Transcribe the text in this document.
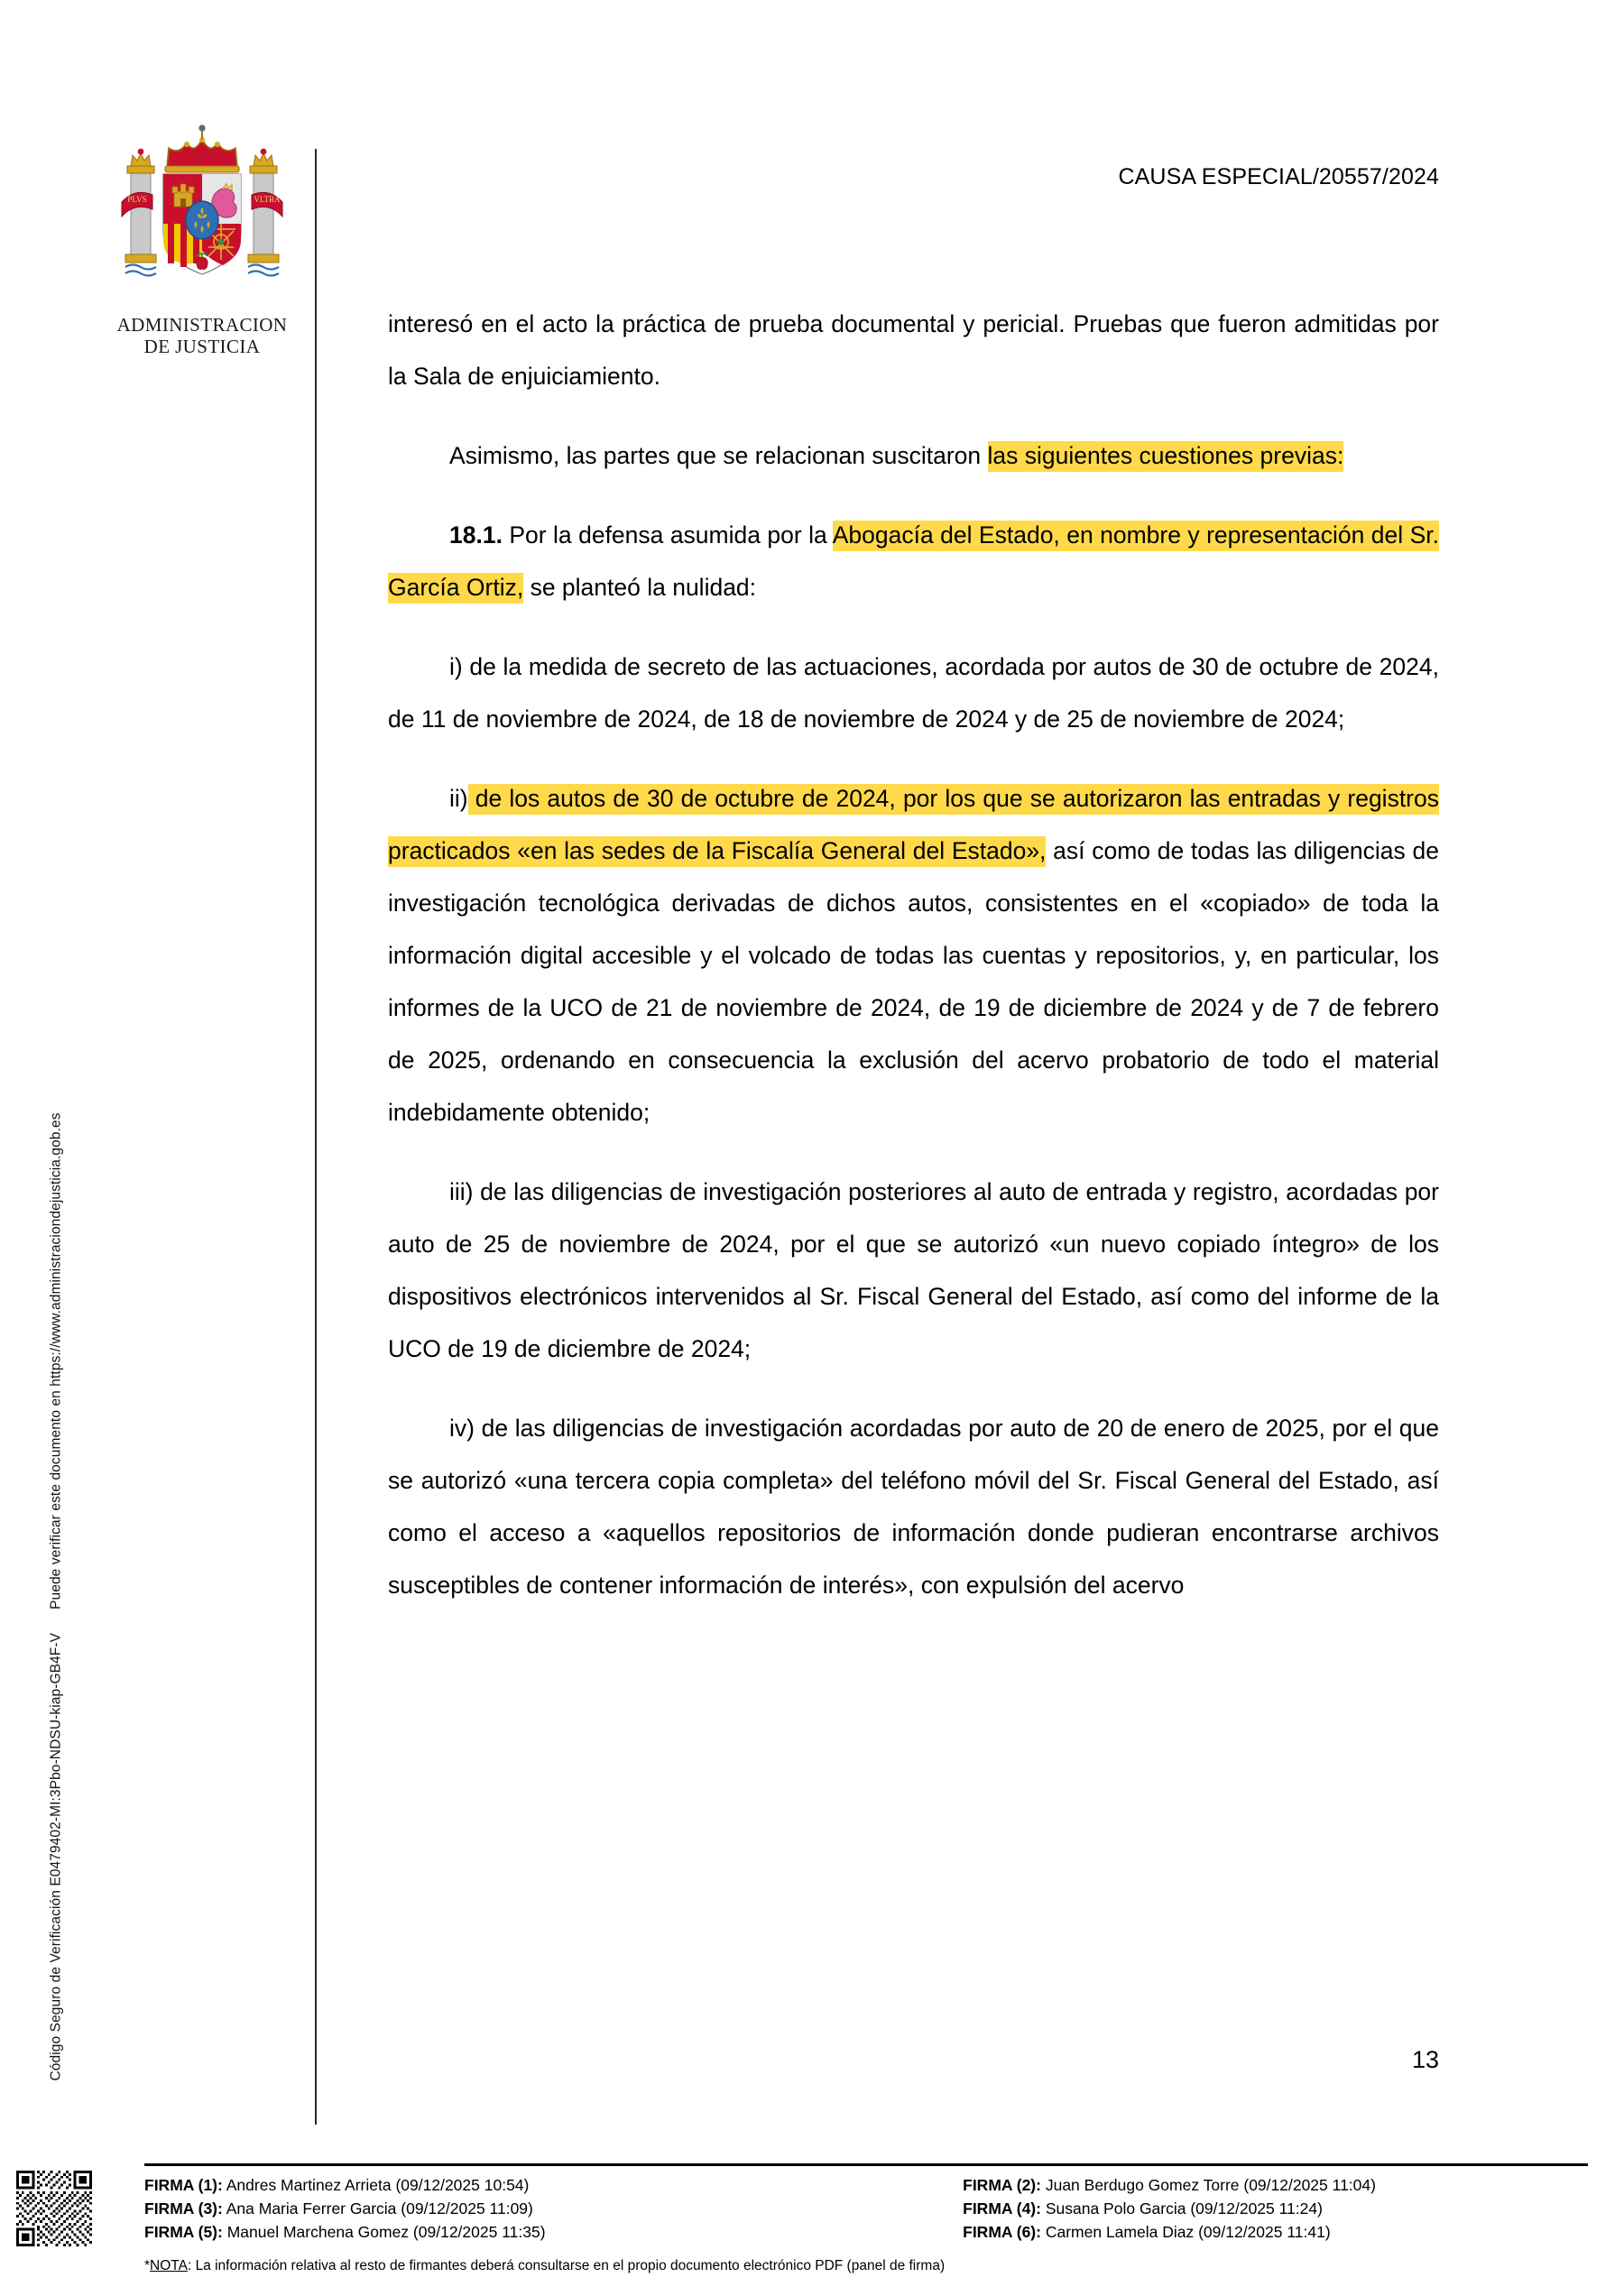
Código Seguro de Verificación E0479402-MI:3Pbo-NDSU-kiap-GB4F-VPuede verificar este documento en https://www.administraciondejusticia.gob.es
PLVS	VLTRA
ADMINISTRACION
DE JUSTICIA
CAUSA ESPECIAL/20557/2024

interesó en el acto la práctica de prueba documental y pericial. Pruebas que fueron admitidas por la Sala de enjuiciamiento.

Asimismo, las partes que se relacionan suscitaron las siguientes cuestiones previas:

18.1. Por la defensa asumida por la Abogacía del Estado, en nombre y representación del Sr. García Ortiz, se planteó la nulidad:

i) de la medida de secreto de las actuaciones, acordada por autos de 30 de octubre de 2024, de 11 de noviembre de 2024, de 18 de noviembre de 2024 y de 25 de noviembre de 2024;

ii) de los autos de 30 de octubre de 2024, por los que se autorizaron las entradas y registros practicados «en las sedes de la Fiscalía General del Estado», así como de todas las diligencias de investigación tecnológica derivadas de dichos autos, consistentes en el «copiado» de toda la información digital accesible y el volcado de todas las cuentas y repositorios, y, en particular, los informes de la UCO de 21 de noviembre de 2024, de 19 de diciembre de 2024 y de 7 de febrero de 2025, ordenando en consecuencia la exclusión del acervo probatorio de todo el material indebidamente obtenido;

iii) de las diligencias de investigación posteriores al auto de entrada y registro, acordadas por auto de 25 de noviembre de 2024, por el que se autorizó «un nuevo copiado íntegro» de los dispositivos electrónicos intervenidos al Sr. Fiscal General del Estado, así como del informe de la UCO de 19 de diciembre de 2024;

iv) de las diligencias de investigación acordadas por auto de 20 de enero de 2025, por el que se autorizó «una tercera copia completa» del teléfono móvil del Sr. Fiscal General del Estado, así como el acceso a «aquellos repositorios de información donde pudieran encontrarse archivos susceptibles de contener información de interés», con expulsión del acervo

13
FIRMA (1): Andres Martinez Arrieta (09/12/2025 10:54)	FIRMA (2): Juan Berdugo Gomez Torre (09/12/2025 11:04)
FIRMA (3): Ana Maria Ferrer Garcia (09/12/2025 11:09)	FIRMA (4): Susana Polo Garcia (09/12/2025 11:24)
FIRMA (5): Manuel Marchena Gomez (09/12/2025 11:35)	FIRMA (6): Carmen Lamela Diaz (09/12/2025 11:41)
*NOTA: La información relativa al resto de firmantes deberá consultarse en el propio documento electrónico PDF (panel de firma)
